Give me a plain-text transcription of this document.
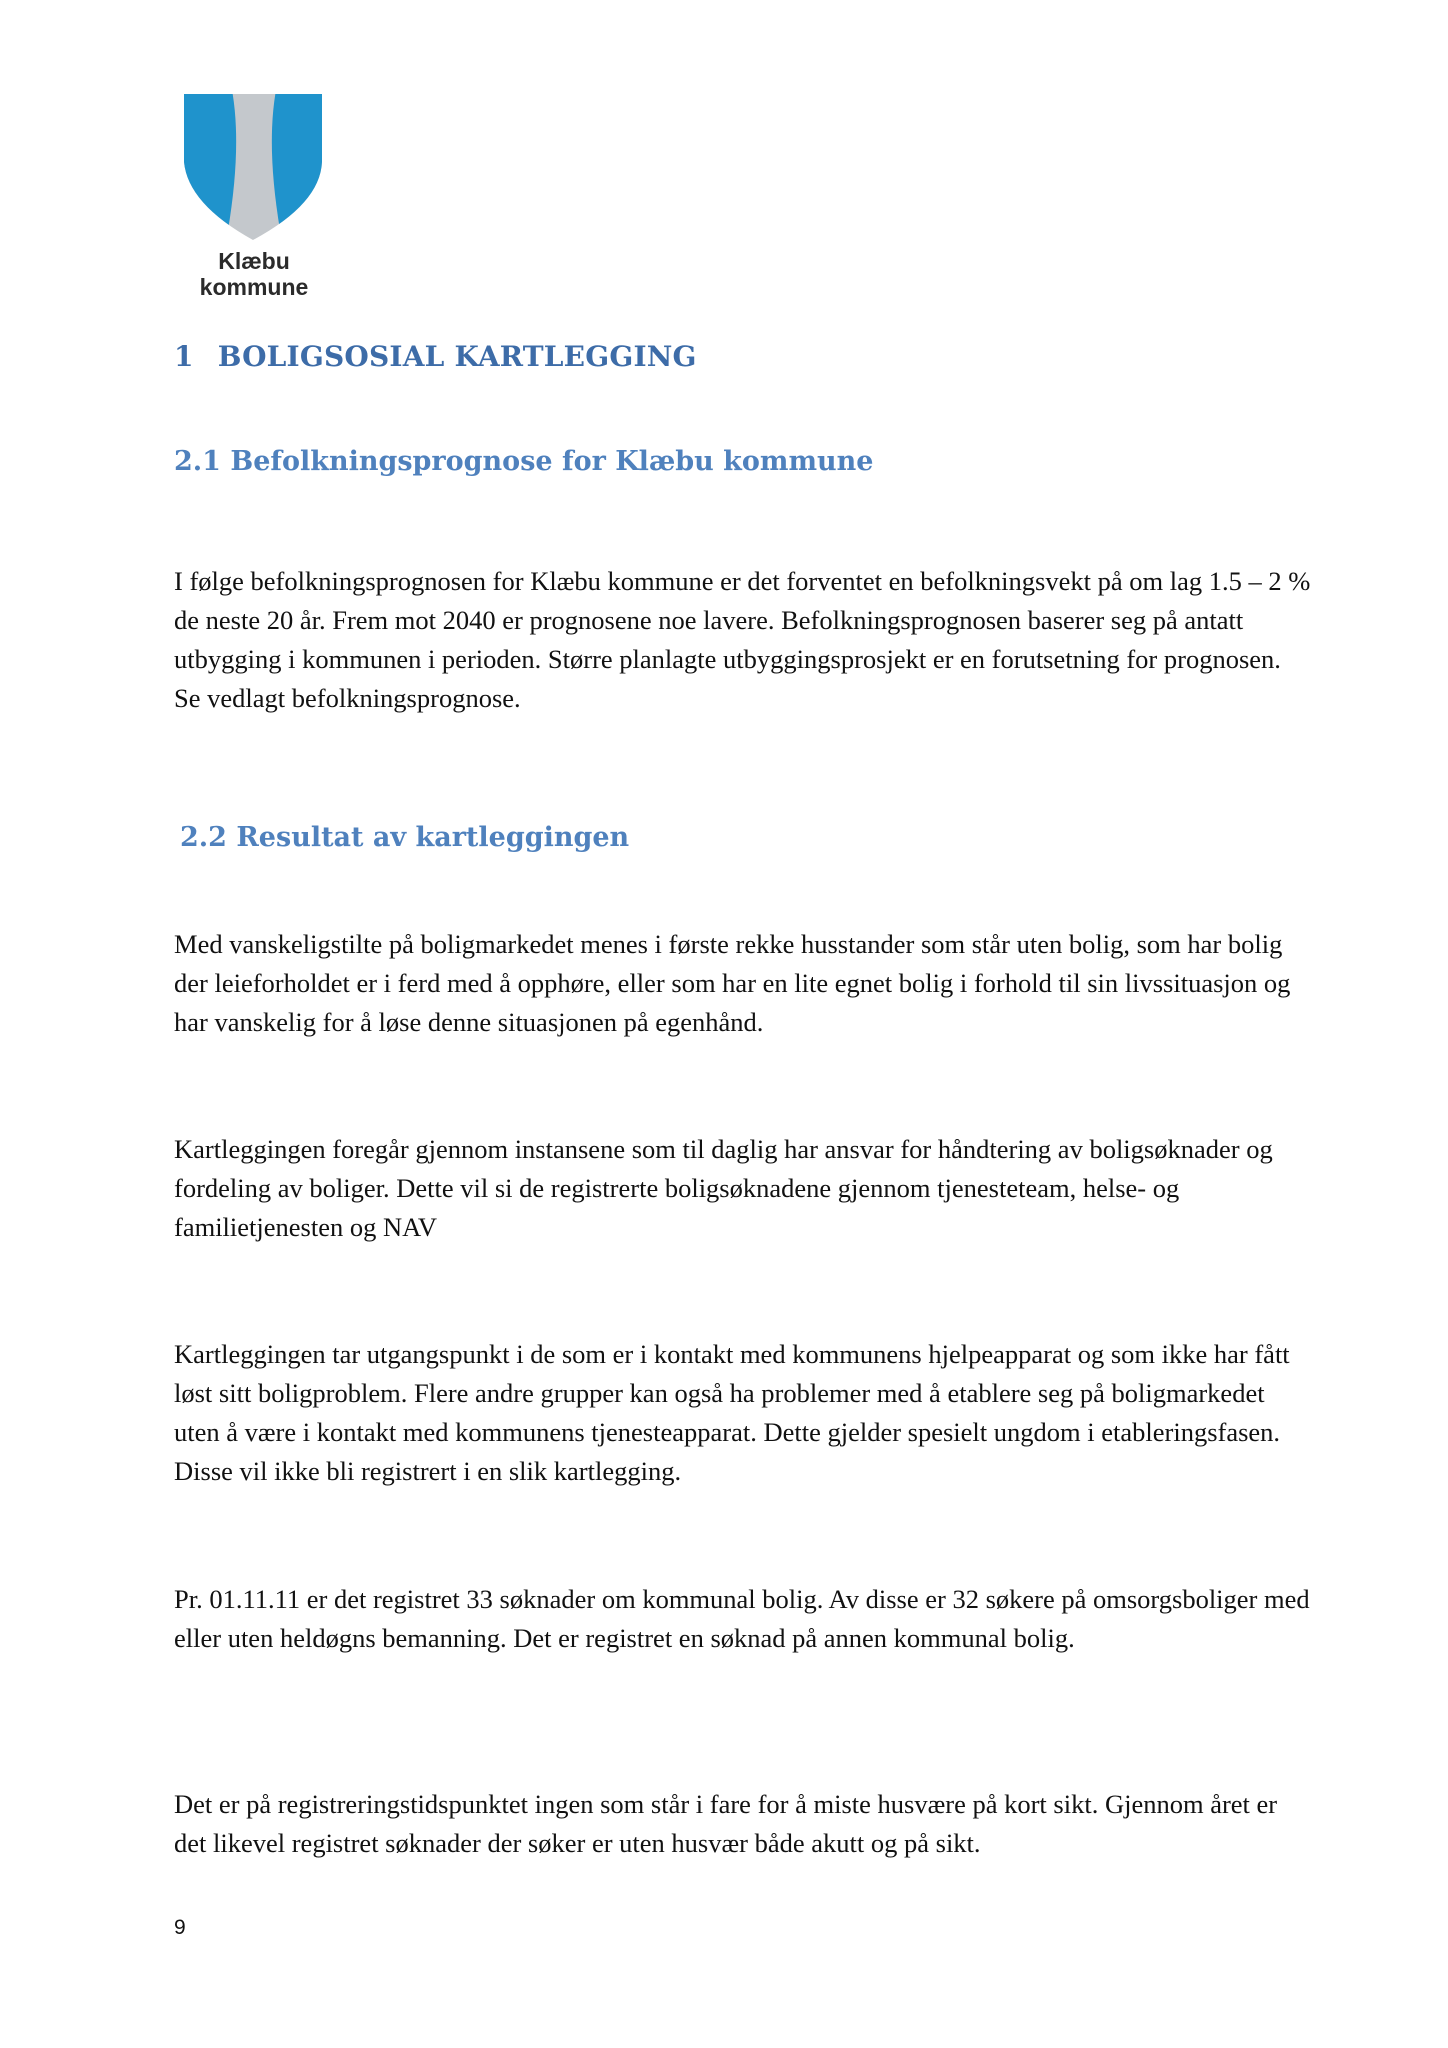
Klæbu
kommune
1 BOLIGSOSIAL KARTLEGGING
2.1 Befolkningsprognose for Klæbu kommune

I følge befolkningsprognosen for Klæbu kommune er det forventet en befolkningsvekt på om lag 1.5 – 2 % de neste 20 år. Frem mot 2040 er prognosene noe lavere. Befolkningsprognosen baserer seg på antatt utbygging i kommunen i perioden. Større planlagte utbyggingsprosjekt er en forutsetning for prognosen. Se vedlagt befolkningsprognose.

2.2 Resultat av kartleggingen

Med vanskeligstilte på boligmarkedet menes i første rekke husstander som står uten bolig, som har bolig der leieforholdet er i ferd med å opphøre, eller som har en lite egnet bolig i forhold til sin livssituasjon og har vanskelig for å løse denne situasjonen på egenhånd.

Kartleggingen foregår gjennom instansene som til daglig har ansvar for håndtering av boligsøknader og fordeling av boliger. Dette vil si de registrerte boligsøknadene gjennom tjenesteteam, helse- og familietjenesten og NAV

Kartleggingen tar utgangspunkt i de som er i kontakt med kommunens hjelpeapparat og som ikke har fått løst sitt boligproblem. Flere andre grupper kan også ha problemer med å etablere seg på boligmarkedet uten å være i kontakt med kommunens tjenesteapparat. Dette gjelder spesielt ungdom i etableringsfasen. Disse vil ikke bli registrert i en slik kartlegging.

Pr. 01.11.11 er det registret 33 søknader om kommunal bolig. Av disse er 32 søkere på omsorgsboliger med eller uten heldøgns bemanning. Det er registret en søknad på annen kommunal bolig.

Det er på registreringstidspunktet ingen som står i fare for å miste husvære på kort sikt. Gjennom året er det likevel registret søknader der søker er uten husvær både akutt og på sikt.

9
